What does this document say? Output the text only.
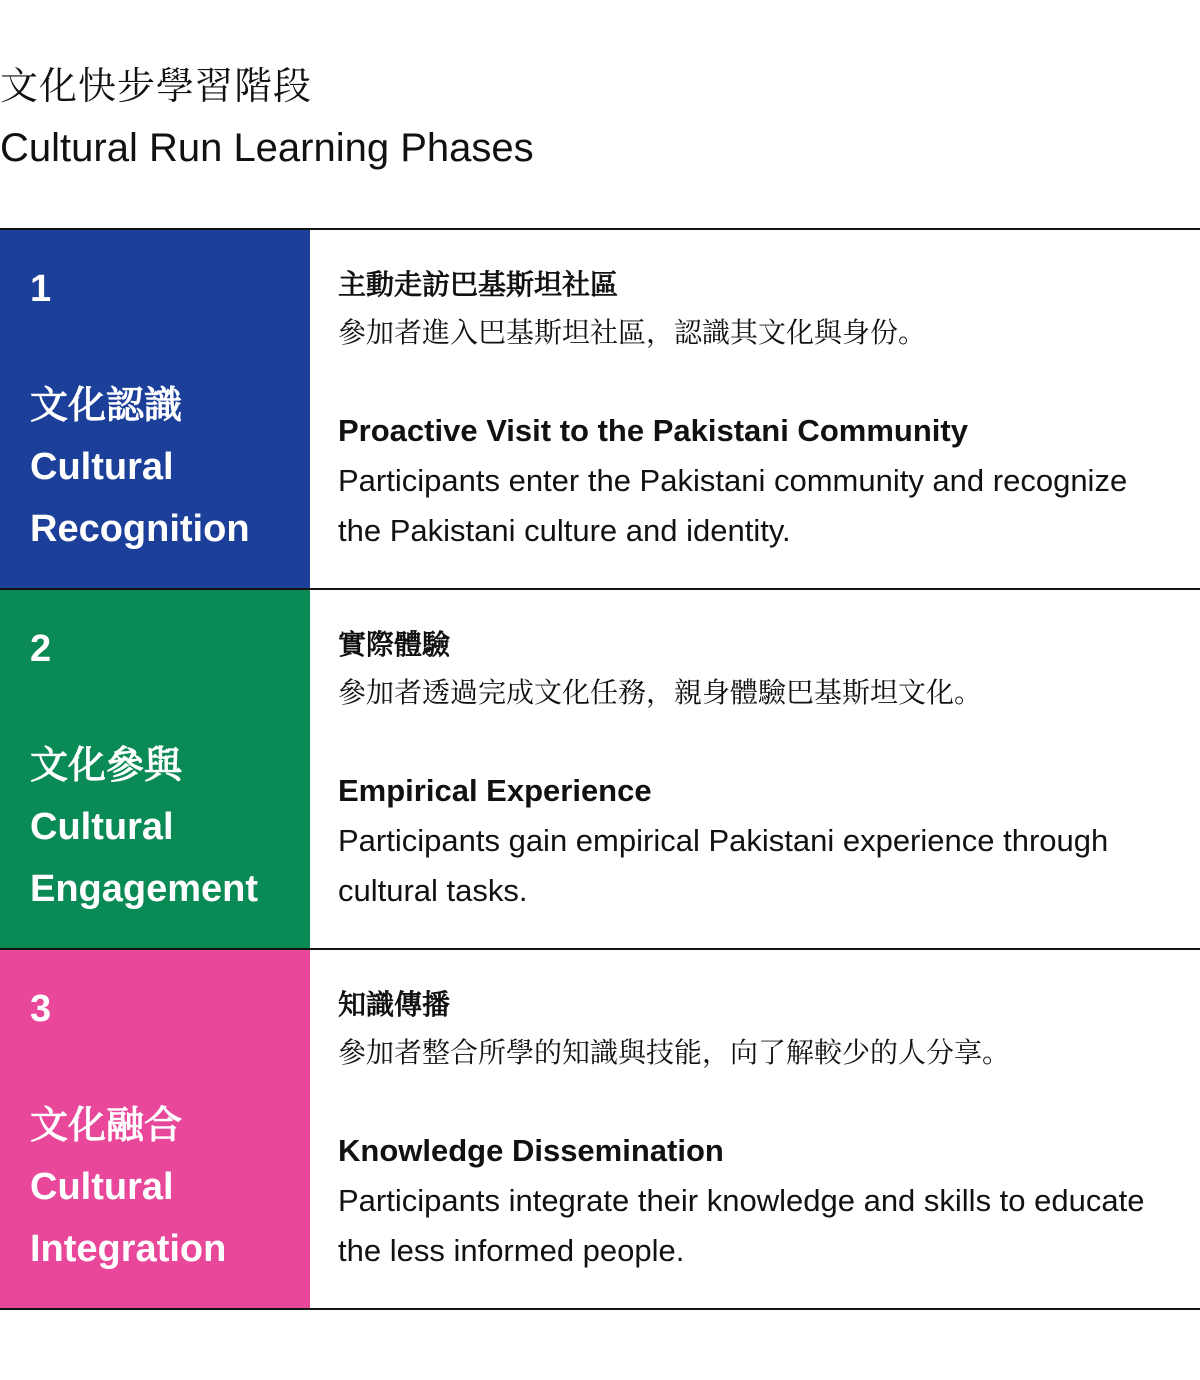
文化快步學習階段
Cultural Run Learning Phases
1
文化認識
Cultural
Recognition
主動走訪巴基斯坦社區
參加者進入巴基斯坦社區，認識其文化與身份。
Proactive Visit to the Pakistani Community
Participants enter the Pakistani community and recognize the Pakistani culture and identity.
2
文化參與
Cultural
Engagement
實際體驗
參加者透過完成文化任務，親身體驗巴基斯坦文化。
Empirical Experience
Participants gain empirical Pakistani experience through cultural tasks.
3
文化融合
Cultural
Integration
知識傳播
參加者整合所學的知識與技能，向了解較少的人分享。
Knowledge Dissemination
Participants integrate their knowledge and skills to educate the less informed people.
